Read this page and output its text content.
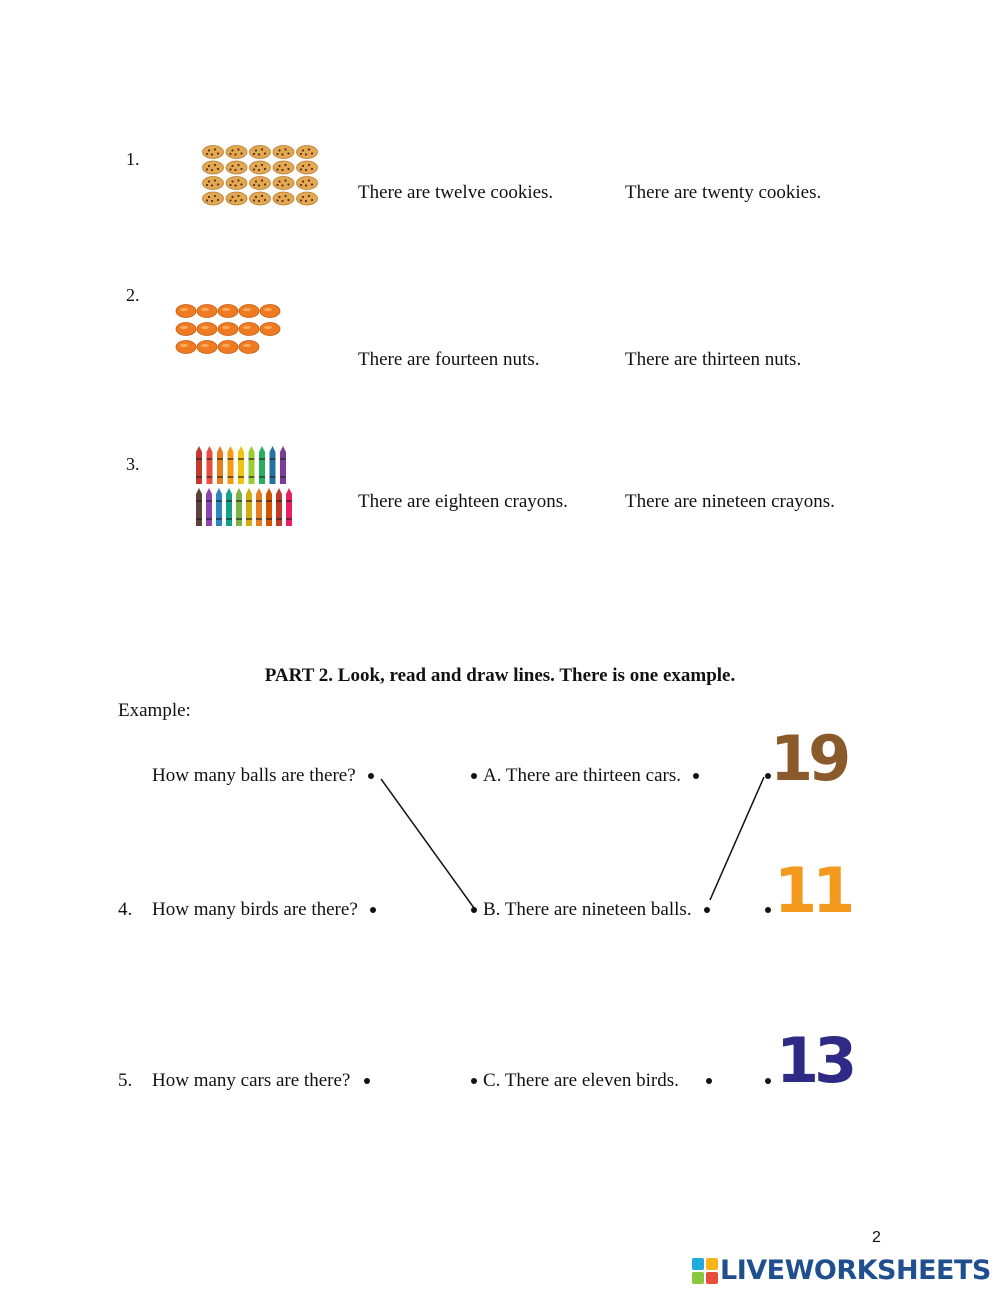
1.
There are twelve cookies.	There are twenty cookies.
2.
There are fourteen nuts.	There are thirteen nuts.
3.
There are eighteen crayons.	There are nineteen crayons.
PART 2. Look, read and draw lines. There is one example.
Example:
How many balls are there?	A. There are thirteen cars. 19
4. How many birds are there?	B. There are nineteen balls. 11
5. How many cars are there?	C. There are eleven birds. 13
2
LIVEWORKSHEETS
